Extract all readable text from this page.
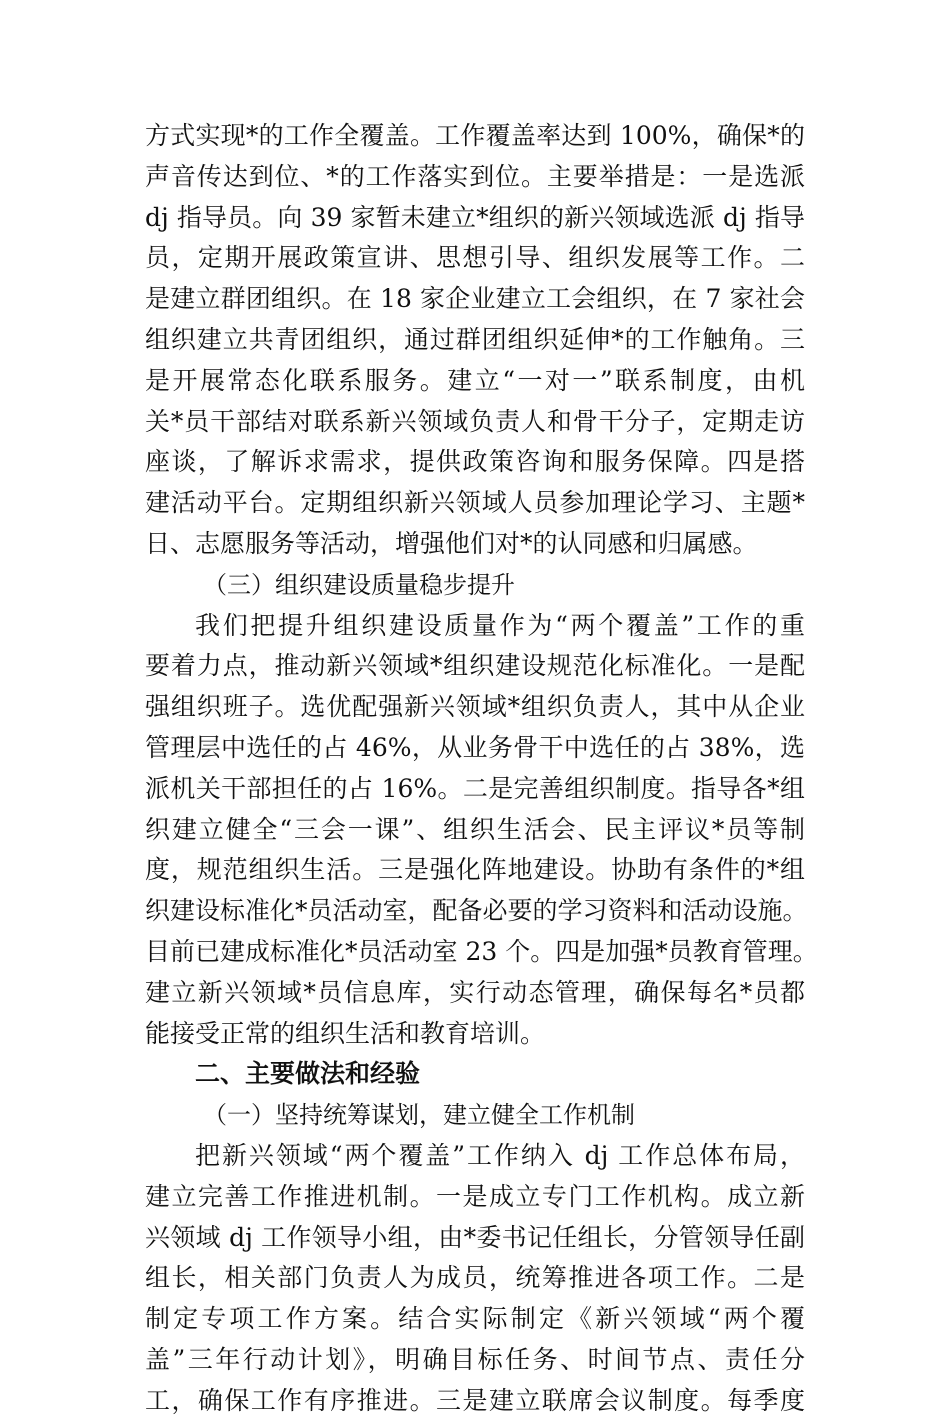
方式实现*的工作全覆盖。工作覆盖率达到 100%，确保*的
声音传达到位、*的工作落实到位。主要举措是：一是选派
dj 指导员。向 39 家暂未建立*组织的新兴领域选派 dj 指导
员，定期开展政策宣讲、思想引导、组织发展等工作。二
是建立群团组织。在 18 家企业建立工会组织，在 7 家社会
组织建立共青团组织，通过群团组织延伸*的工作触角。三
是开展常态化联系服务。建立“一对一”联系制度，由机
关*员干部结对联系新兴领域负责人和骨干分子，定期走访
座谈，了解诉求需求，提供政策咨询和服务保障。四是搭
建活动平台。定期组织新兴领域人员参加理论学习、主题*
日、志愿服务等活动，增强他们对*的认同感和归属感。
（三）组织建设质量稳步提升
我们把提升组织建设质量作为“两个覆盖”工作的重
要着力点，推动新兴领域*组织建设规范化标准化。一是配
强组织班子。选优配强新兴领域*组织负责人，其中从企业
管理层中选任的占 46%，从业务骨干中选任的占 38%，选
派机关干部担任的占 16%。二是完善组织制度。指导各*组
织建立健全“三会一课”、组织生活会、民主评议*员等制
度，规范组织生活。三是强化阵地建设。协助有条件的*组
织建设标准化*员活动室，配备必要的学习资料和活动设施。
目前已建成标准化*员活动室 23 个。四是加强*员教育管理。
建立新兴领域*员信息库，实行动态管理，确保每名*员都
能接受正常的组织生活和教育培训。
二、主要做法和经验
（一）坚持统筹谋划，建立健全工作机制
把新兴领域“两个覆盖”工作纳入 dj 工作总体布局，
建立完善工作推进机制。一是成立专门工作机构。成立新
兴领域 dj 工作领导小组，由*委书记任组长，分管领导任副
组长，相关部门负责人为成员，统筹推进各项工作。二是
制定专项工作方案。结合实际制定《新兴领域“两个覆
盖”三年行动计划》，明确目标任务、时间节点、责任分
工，确保工作有序推进。三是建立联席会议制度。每季度
